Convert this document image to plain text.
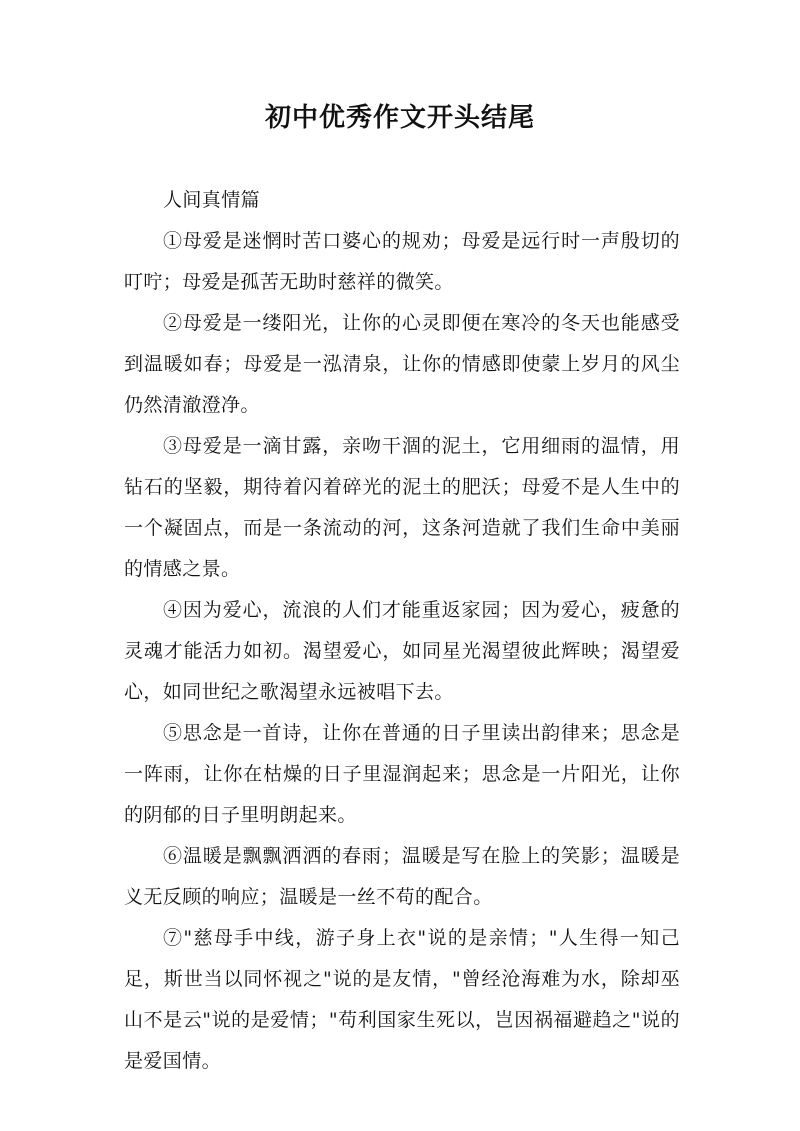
初中优秀作文开头结尾

人间真情篇

①母爱是迷惘时苦口婆心的规劝；母爱是远行时一声殷切的叮咛；母爱是孤苦无助时慈祥的微笑。

②母爱是一缕阳光，让你的心灵即便在寒冷的冬天也能感受到温暖如春；母爱是一泓清泉，让你的情感即使蒙上岁月的风尘仍然清澈澄净。

③母爱是一滴甘露，亲吻干涸的泥土，它用细雨的温情，用钻石的坚毅，期待着闪着碎光的泥土的肥沃；母爱不是人生中的一个凝固点，而是一条流动的河，这条河造就了我们生命中美丽的情感之景。

④因为爱心，流浪的人们才能重返家园；因为爱心，疲惫的灵魂才能活力如初。渴望爱心，如同星光渴望彼此辉映；渴望爱心，如同世纪之歌渴望永远被唱下去。

⑤思念是一首诗，让你在普通的日子里读出韵律来；思念是一阵雨，让你在枯燥的日子里湿润起来；思念是一片阳光，让你的阴郁的日子里明朗起来。

⑥温暖是飘飘洒洒的春雨；温暖是写在脸上的笑影；温暖是义无反顾的响应；温暖是一丝不苟的配合。

⑦"慈母手中线，游子身上衣"说的是亲情；"人生得一知己足，斯世当以同怀视之"说的是友情，"曾经沧海难为水，除却巫山不是云"说的是爱情；"苟利国家生死以，岂因祸福避趋之"说的是爱国情。
